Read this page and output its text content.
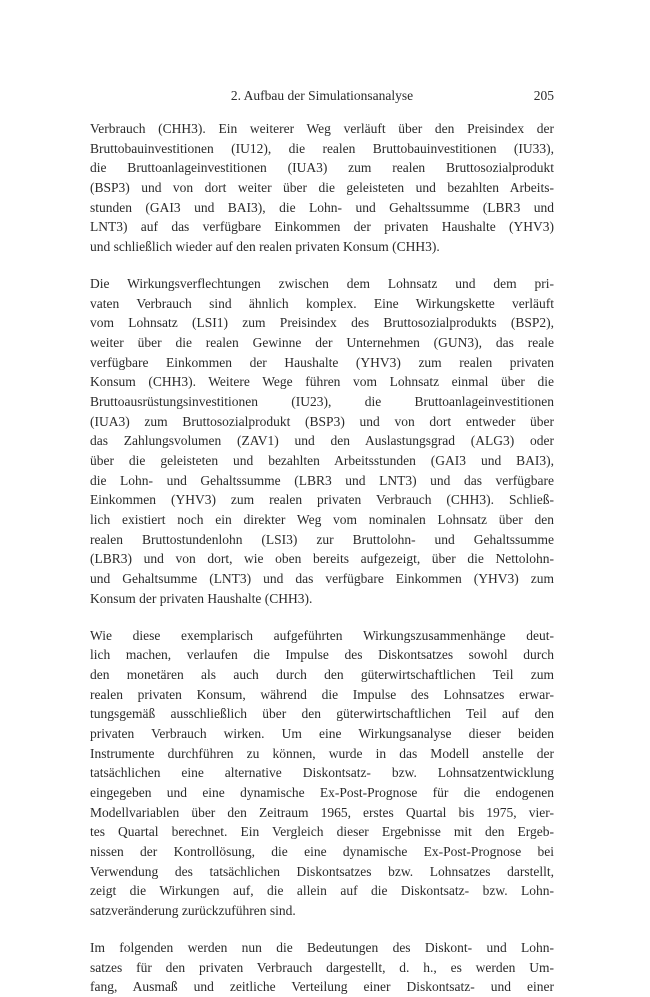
2. Aufbau der Simulationsanalyse	205

Verbrauch (CHH3). Ein weiterer Weg verläuft über den Preisindex der
Bruttobauinvestitionen (IU12), die realen Bruttobauinvestitionen (IU33),
die Bruttoanlageinvestitionen (IUA3) zum realen Bruttosozialprodukt
(BSP3) und von dort weiter über die geleisteten und bezahlten Arbeits-
stunden (GAI3 und BAI3), die Lohn- und Gehaltssumme (LBR3 und
LNT3) auf das verfügbare Einkommen der privaten Haushalte (YHV3)
und schließlich wieder auf den realen privaten Konsum (CHH3).

Die Wirkungsverflechtungen zwischen dem Lohnsatz und dem pri-
vaten Verbrauch sind ähnlich komplex. Eine Wirkungskette verläuft
vom Lohnsatz (LSI1) zum Preisindex des Bruttosozialprodukts (BSP2),
weiter über die realen Gewinne der Unternehmen (GUN3), das reale
verfügbare Einkommen der Haushalte (YHV3) zum realen privaten
Konsum (CHH3). Weitere Wege führen vom Lohnsatz einmal über die
Bruttoausrüstungsinvestitionen (IU23), die Bruttoanlageinvestitionen
(IUA3) zum Bruttosozialprodukt (BSP3) und von dort entweder über
das Zahlungsvolumen (ZAV1) und den Auslastungsgrad (ALG3) oder
über die geleisteten und bezahlten Arbeitsstunden (GAI3 und BAI3),
die Lohn- und Gehaltssumme (LBR3 und LNT3) und das verfügbare
Einkommen (YHV3) zum realen privaten Verbrauch (CHH3). Schließ-
lich existiert noch ein direkter Weg vom nominalen Lohnsatz über den
realen Bruttostundenlohn (LSI3) zur Bruttolohn- und Gehaltssumme
(LBR3) und von dort, wie oben bereits aufgezeigt, über die Nettolohn-
und Gehaltsumme (LNT3) und das verfügbare Einkommen (YHV3) zum
Konsum der privaten Haushalte (CHH3).

Wie diese exemplarisch aufgeführten Wirkungszusammenhänge deut-
lich machen, verlaufen die Impulse des Diskontsatzes sowohl durch
den monetären als auch durch den güterwirtschaftlichen Teil zum
realen privaten Konsum, während die Impulse des Lohnsatzes erwar-
tungsgemäß ausschließlich über den güterwirtschaftlichen Teil auf den
privaten Verbrauch wirken. Um eine Wirkungsanalyse dieser beiden
Instrumente durchführen zu können, wurde in das Modell anstelle der
tatsächlichen eine alternative Diskontsatz- bzw. Lohnsatzentwicklung
eingegeben und eine dynamische Ex-Post-Prognose für die endogenen
Modellvariablen über den Zeitraum 1965, erstes Quartal bis 1975, vier-
tes Quartal berechnet. Ein Vergleich dieser Ergebnisse mit den Ergeb-
nissen der Kontrollösung, die eine dynamische Ex-Post-Prognose bei
Verwendung des tatsächlichen Diskontsatzes bzw. Lohnsatzes darstellt,
zeigt die Wirkungen auf, die allein auf die Diskontsatz- bzw. Lohn-
satzveränderung zurückzuführen sind.

Im folgenden werden nun die Bedeutungen des Diskont- und Lohn-
satzes für den privaten Verbrauch dargestellt, d. h., es werden Um-
fang, Ausmaß und zeitliche Verteilung einer Diskontsatz- und einer
